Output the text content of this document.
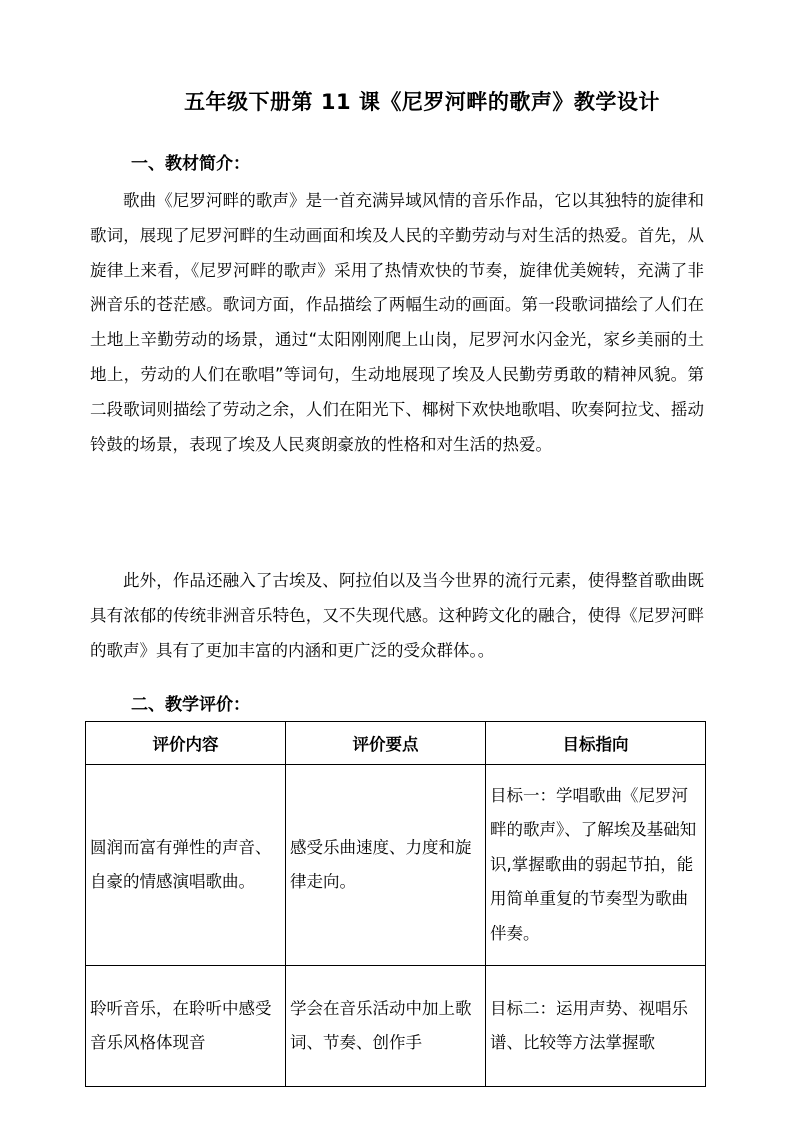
五年级下册第 11 课《尼罗河畔的歌声》教学设计
一、教材简介：
歌曲《尼罗河畔的歌声》是一首充满异域风情的音乐作品，它以其独特的旋律和歌词，展现了尼罗河畔的生动画面和埃及人民的辛勤劳动与对生活的热爱。首先，从旋律上来看，《尼罗河畔的歌声》采用了热情欢快的节奏，旋律优美婉转，充满了非洲音乐的苍茫感。歌词方面，作品描绘了两幅生动的画面。第一段歌词描绘了人们在土地上辛勤劳动的场景，通过“太阳刚刚爬上山岗，尼罗河水闪金光，家乡美丽的土地上，劳动的人们在歌唱”等词句，生动地展现了埃及人民勤劳勇敢的精神风貌。第二段歌词则描绘了劳动之余，人们在阳光下、椰树下欢快地歌唱、吹奏阿拉戈、摇动铃鼓的场景，表现了埃及人民爽朗豪放的性格和对生活的热爱。
此外，作品还融入了古埃及、阿拉伯以及当今世界的流行元素，使得整首歌曲既具有浓郁的传统非洲音乐特色，又不失现代感。这种跨文化的融合，使得《尼罗河畔的歌声》具有了更加丰富的内涵和更广泛的受众群体。。
二、教学评价：
评价内容	评价要点	目标指向
圆润而富有弹性的声音、自豪的情感演唱歌曲。	感受乐曲速度、力度和旋律走向。	目标一：学唱歌曲《尼罗河畔的歌声》、了解埃及基础知识,掌握歌曲的弱起节拍，能用简单重复的节奏型为歌曲伴奏。
聆听音乐，在聆听中感受音乐风格体现音	学会在音乐活动中加上歌词、节奏、创作手	目标二：运用声势、视唱乐谱、比较等方法掌握歌
